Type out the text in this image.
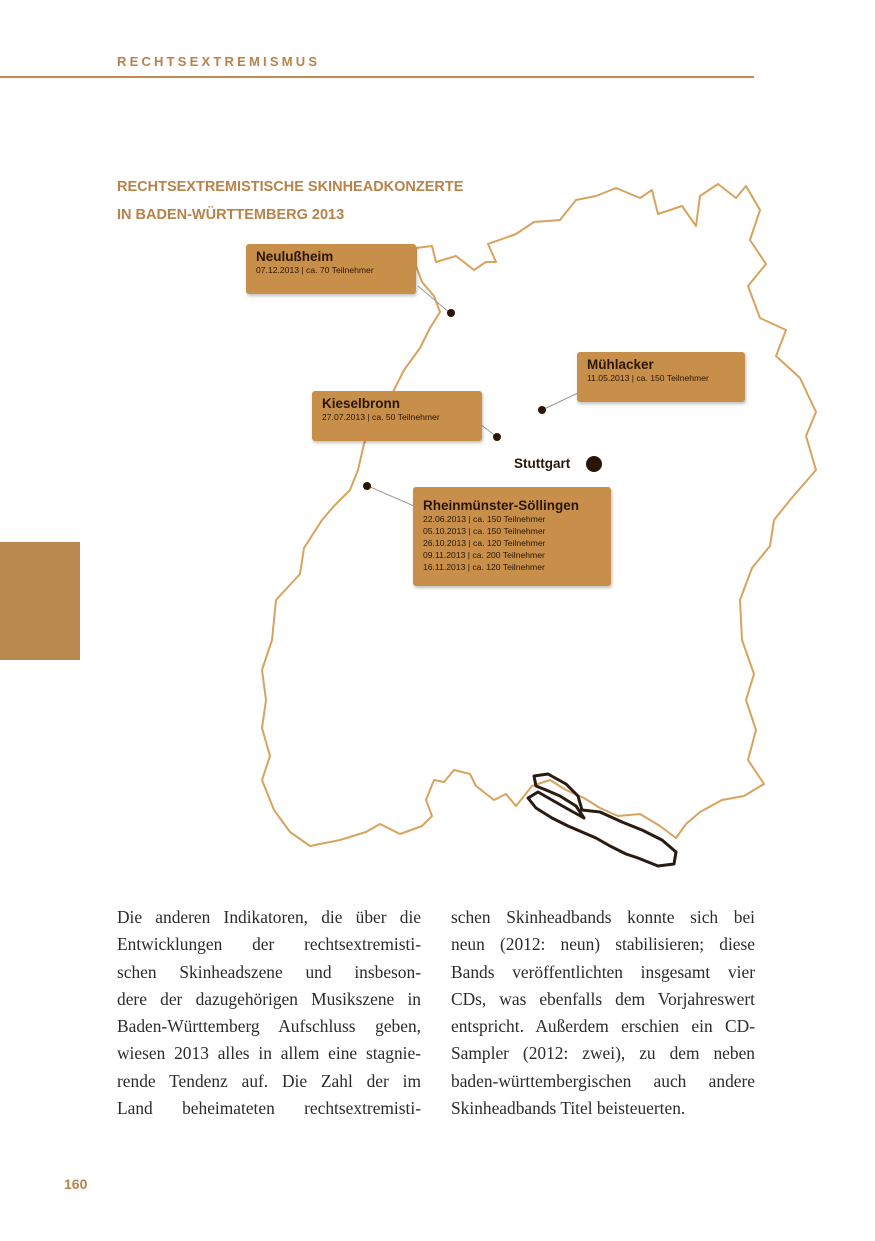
RECHTSEXTREMISMUS
RECHTSEXTREMISTISCHE SKINHEADKONZERTE
IN BADEN-WÜRTTEMBERG 2013
Neulußheim
07.12.2013 | ca. 70 Teilnehmer
Mühlacker
11.05.2013 | ca. 150 Teilnehmer
Kieselbronn
27.07.2013 | ca. 50 Teilnehmer
Rheinmünster-Söllingen
22.06.2013 | ca. 150 Teilnehmer
05.10.2013 | ca. 150 Teilnehmer
26.10.2013 | ca. 120 Teilnehmer
09.11.2013 | ca. 200 Teilnehmer
16.11.2013 | ca. 120 Teilnehmer
Stuttgart
Die anderen Indikatoren, die über die
Entwicklungen der rechtsextremisti-
schen Skinheadszene und insbeson-
dere der dazugehörigen Musikszene in
Baden-Württemberg Aufschluss geben,
wiesen 2013 alles in allem eine stagnie-
rende Tendenz auf. Die Zahl der im
Land beheimateten rechtsextremisti-
schen Skinheadbands konnte sich bei
neun (2012: neun) stabilisieren; diese
Bands veröffentlichten insgesamt vier
CDs, was ebenfalls dem Vorjahreswert
entspricht. Außerdem erschien ein CD-
Sampler (2012: zwei), zu dem neben
baden-württembergischen auch andere
Skinheadbands Titel beisteuerten.
160
